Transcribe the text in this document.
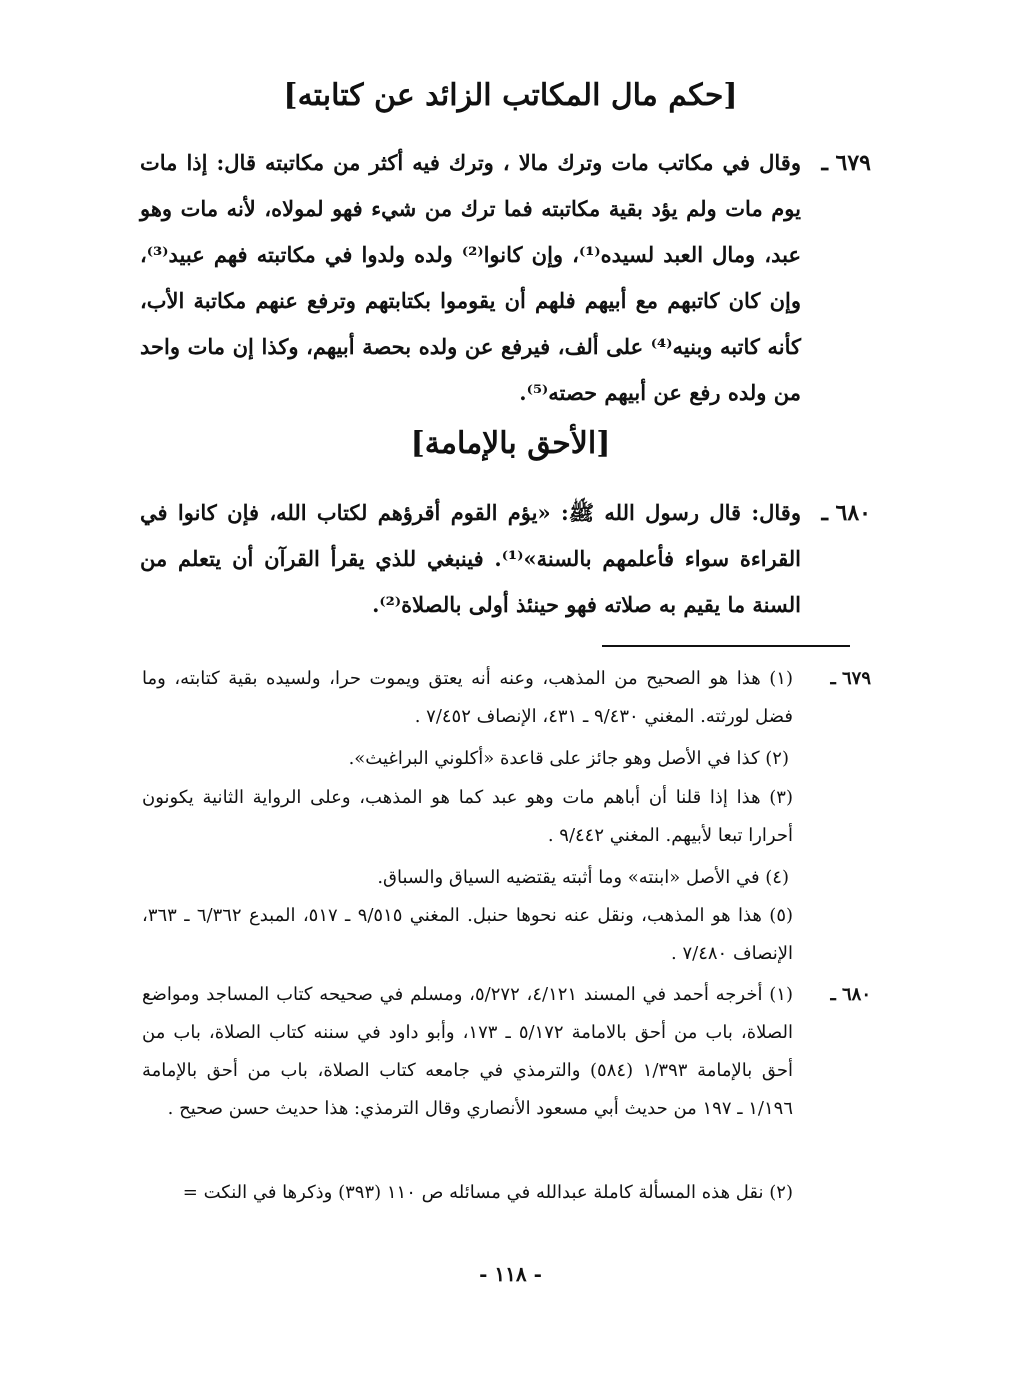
[حكم مال المكاتب الزائد عن كتابته]
٦٧٩ ـ
وقال في مكاتب مات وترك مالا ، وترك فيه أكثر من مكاتبته قال: إذا مات يوم مات ولم يؤد بقية مكاتبته فما ترك من شيء فهو لمولاه، لأنه مات وهو عبد، ومال العبد لسيده⁽¹⁾، وإن كانوا⁽²⁾ ولده ولدوا في مكاتبته فهم عبيد⁽³⁾، وإن كان كاتبهم مع أبيهم فلهم أن يقوموا بكتابتهم وترفع عنهم مكاتبة الأب، كأنه كاتبه وبنيه⁽⁴⁾ على ألف، فيرفع عن ولده بحصة أبيهم، وكذا إن مات واحد من ولده رفع عن أبيهم حصته⁽⁵⁾.
[الأحق بالإمامة]
٦٨٠ ـ
وقال: قال رسول الله ﷺ: «يؤم القوم أقرؤهم لكتاب الله، فإن كانوا في القراءة سواء فأعلمهم بالسنة»⁽¹⁾. فينبغي للذي يقرأ القرآن أن يتعلم من السنة ما يقيم به صلاته فهو حينئذ أولى بالصلاة⁽²⁾.
٦٧٩ ـ
(١) هذا هو الصحيح من المذهب، وعنه أنه يعتق ويموت حرا، ولسيده بقية كتابته، وما فضل لورثته. المغني ٩/٤٣٠ ـ ٤٣١، الإنصاف ٧/٤٥٢ .
(٢) كذا في الأصل وهو جائز على قاعدة «أكلوني البراغيث».
(٣) هذا إذا قلنا أن أباهم مات وهو عبد كما هو المذهب، وعلى الرواية الثانية يكونون أحرارا تبعا لأبيهم. المغني ٩/٤٤٢ .
(٤) في الأصل «ابنته» وما أثبته يقتضيه السياق والسباق.
(٥) هذا هو المذهب، ونقل عنه نحوها حنبل. المغني ٩/٥١٥ ـ ٥١٧، المبدع ٦/٣٦٢ ـ ٣٦٣، الإنصاف ٧/٤٨٠ .
٦٨٠ ـ
(١) أخرجه أحمد في المسند ٤/١٢١، ٥/٢٧٢، ومسلم في صحيحه كتاب المساجد ومواضع الصلاة، باب من أحق بالامامة ٥/١٧٢ ـ ١٧٣، وأبو داود في سننه كتاب الصلاة، باب من أحق بالإمامة ١/٣٩٣ (٥٨٤) والترمذي في جامعه كتاب الصلاة، باب من أحق بالإمامة ١/١٩٦ ـ ١٩٧ من حديث أبي مسعود الأنصاري وقال الترمذي: هذا حديث حسن صحيح .
(٢) نقل هذه المسألة كاملة عبدالله في مسائله ص ١١٠ (٣٩٣) وذكرها في النكت =
- ١١٨ -
